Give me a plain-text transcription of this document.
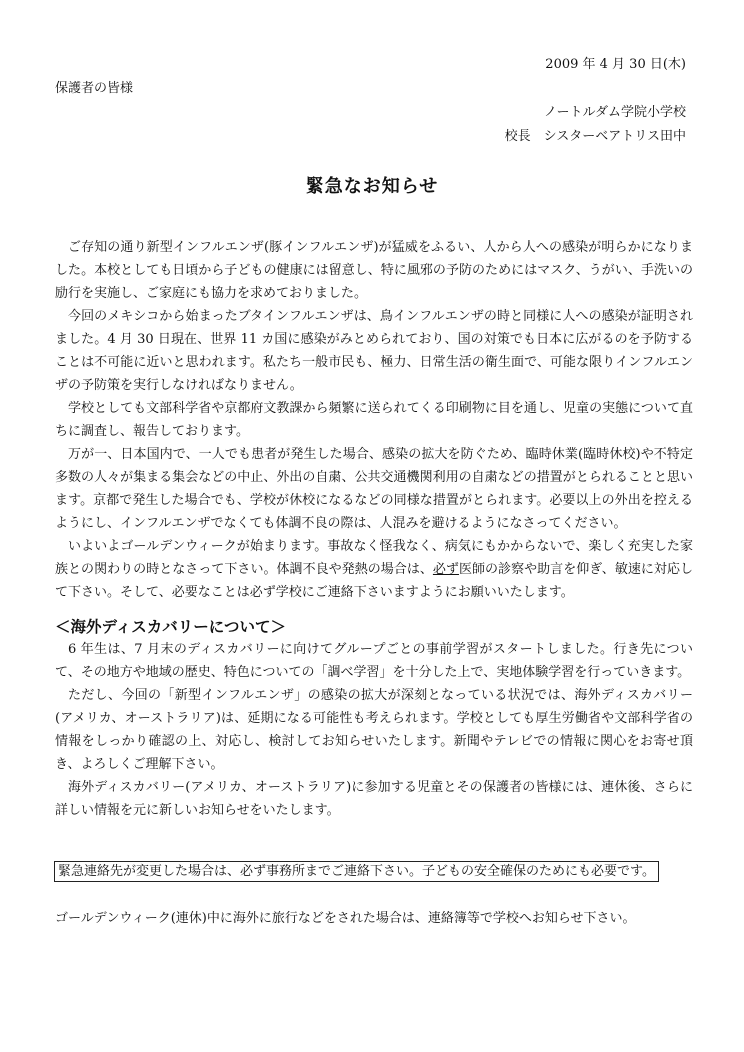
2009 年 4 月 30 日(木)
保護者の皆様
ノートルダム学院小学校
校長　シスターベアトリス田中
緊急なお知らせ

ご存知の通り新型インフルエンザ(豚インフルエンザ)が猛威をふるい、人から人への感染が明らかになりました。本校としても日頃から子どもの健康には留意し、特に風邪の予防のためにはマスク、うがい、手洗いの励行を実施し、ご家庭にも協力を求めておりました。

今回のメキシコから始まったブタインフルエンザは、鳥インフルエンザの時と同様に人への感染が証明されました。4 月 30 日現在、世界 11 カ国に感染がみとめられており、国の対策でも日本に広がるのを予防することは不可能に近いと思われます。私たち一般市民も、極力、日常生活の衛生面で、可能な限りインフルエンザの予防策を実行しなければなりません。

学校としても文部科学省や京都府文教課から頻繁に送られてくる印刷物に目を通し、児童の実態について直ちに調査し、報告しております。

万が一、日本国内で、一人でも患者が発生した場合、感染の拡大を防ぐため、臨時休業(臨時休校)や不特定多数の人々が集まる集会などの中止、外出の自粛、公共交通機関利用の自粛などの措置がとられることと思います。京都で発生した場合でも、学校が休校になるなどの同様な措置がとられます。必要以上の外出を控えるようにし、インフルエンザでなくても体調不良の際は、人混みを避けるようになさってください。

いよいよゴールデンウィークが始まります。事故なく怪我なく、病気にもかからないで、楽しく充実した家族との関わりの時となさって下さい。体調不良や発熱の場合は、必ず医師の診察や助言を仰ぎ、敏速に対応して下さい。そして、必要なことは必ず学校にご連絡下さいますようにお願いいたします。

＜海外ディスカバリーについて＞

6 年生は、7 月末のディスカバリーに向けてグループごとの事前学習がスタートしました。行き先について、その地方や地域の歴史、特色についての「調べ学習」を十分した上で、実地体験学習を行っていきます。

ただし、今回の「新型インフルエンザ」の感染の拡大が深刻となっている状況では、海外ディスカバリー(アメリカ、オーストラリア)は、延期になる可能性も考えられます。学校としても厚生労働省や文部科学省の情報をしっかり確認の上、対応し、検討してお知らせいたします。新聞やテレビでの情報に関心をお寄せ頂き、よろしくご理解下さい。

海外ディスカバリー(アメリカ、オーストラリア)に参加する児童とその保護者の皆様には、連休後、さらに詳しい情報を元に新しいお知らせをいたします。

緊急連絡先が変更した場合は、必ず事務所までご連絡下さい。子どもの安全確保のためにも必要です。
ゴールデンウィーク(連休)中に海外に旅行などをされた場合は、連絡簿等で学校へお知らせ下さい。
